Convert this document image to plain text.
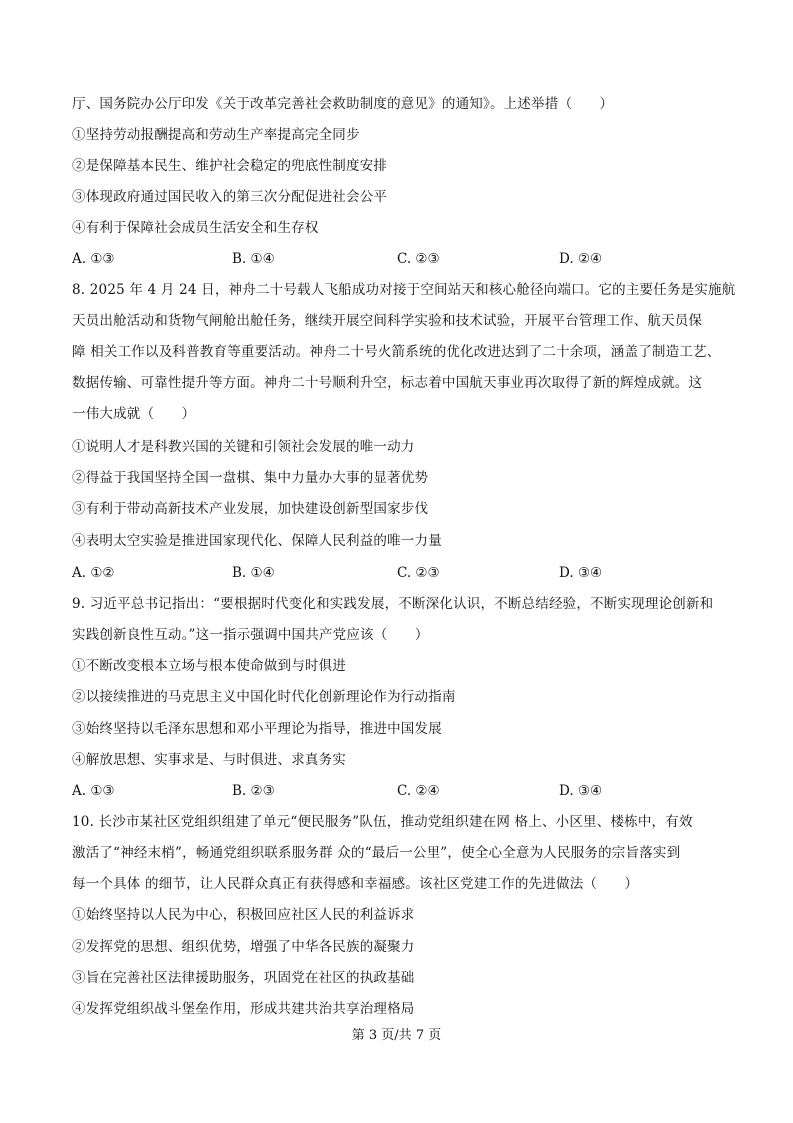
厅、国务院办公厅印发《关于改革完善社会救助制度的意见》的通知》。上述举措（　　）
①坚持劳动报酬提高和劳动生产率提高完全同步
②是保障基本民生、维护社会稳定的兜底性制度安排
③体现政府通过国民收入的第三次分配促进社会公平
④有利于保障社会成员生活安全和生存权
A. ①③	B. ①④	C. ②③	D. ②④
8. 2025 年 4 月 24 日，神舟二十号载人飞船成功对接于空间站天和核心舱径向端口。它的主要任务是实施航
天员出舱活动和货物气闸舱出舱任务，继续开展空间科学实验和技术试验，开展平台管理工作、航天员保
障 相关工作以及科普教育等重要活动。神舟二十号火箭系统的优化改进达到了二十余项，涵盖了制造工艺、
数据传输、可靠性提升等方面。神舟二十号顺利升空，标志着中国航天事业再次取得了新的辉煌成就。这
一伟大成就（　　）
①说明人才是科教兴国的关键和引领社会发展的唯一动力
②得益于我国坚持全国一盘棋、集中力量办大事的显著优势
③有利于带动高新技术产业发展，加快建设创新型国家步伐
④表明太空实验是推进国家现代化、保障人民利益的唯一力量
A. ①②	B. ①④	C. ②③	D. ③④
9. 习近平总书记指出：“要根据时代变化和实践发展，不断深化认识，不断总结经验，不断实现理论创新和
实践创新良性互动。”这一指示强调中国共产党应该（　　）
①不断改变根本立场与根本使命做到与时俱进
②以接续推进的马克思主义中国化时代化创新理论作为行动指南
③始终坚持以毛泽东思想和邓小平理论为指导，推进中国发展
④解放思想、实事求是、与时俱进、求真务实
A. ①③	B. ②③	C. ②④	D. ③④
10. 长沙市某社区党组织组建了单元“便民服务”队伍，推动党组织建在网 格上、小区里、楼栋中，有效
激活了“神经末梢”，畅通党组织联系服务群 众的“最后一公里”，使全心全意为人民服务的宗旨落实到
每一个具体 的细节，让人民群众真正有获得感和幸福感。该社区党建工作的先进做法（　　）
①始终坚持以人民为中心，积极回应社区人民的利益诉求
②发挥党的思想、组织优势，增强了中华各民族的凝聚力
③旨在完善社区法律援助服务，巩固党在社区的执政基础
④发挥党组织战斗堡垒作用，形成共建共治共享治理格局
第 3 页/共 7 页
